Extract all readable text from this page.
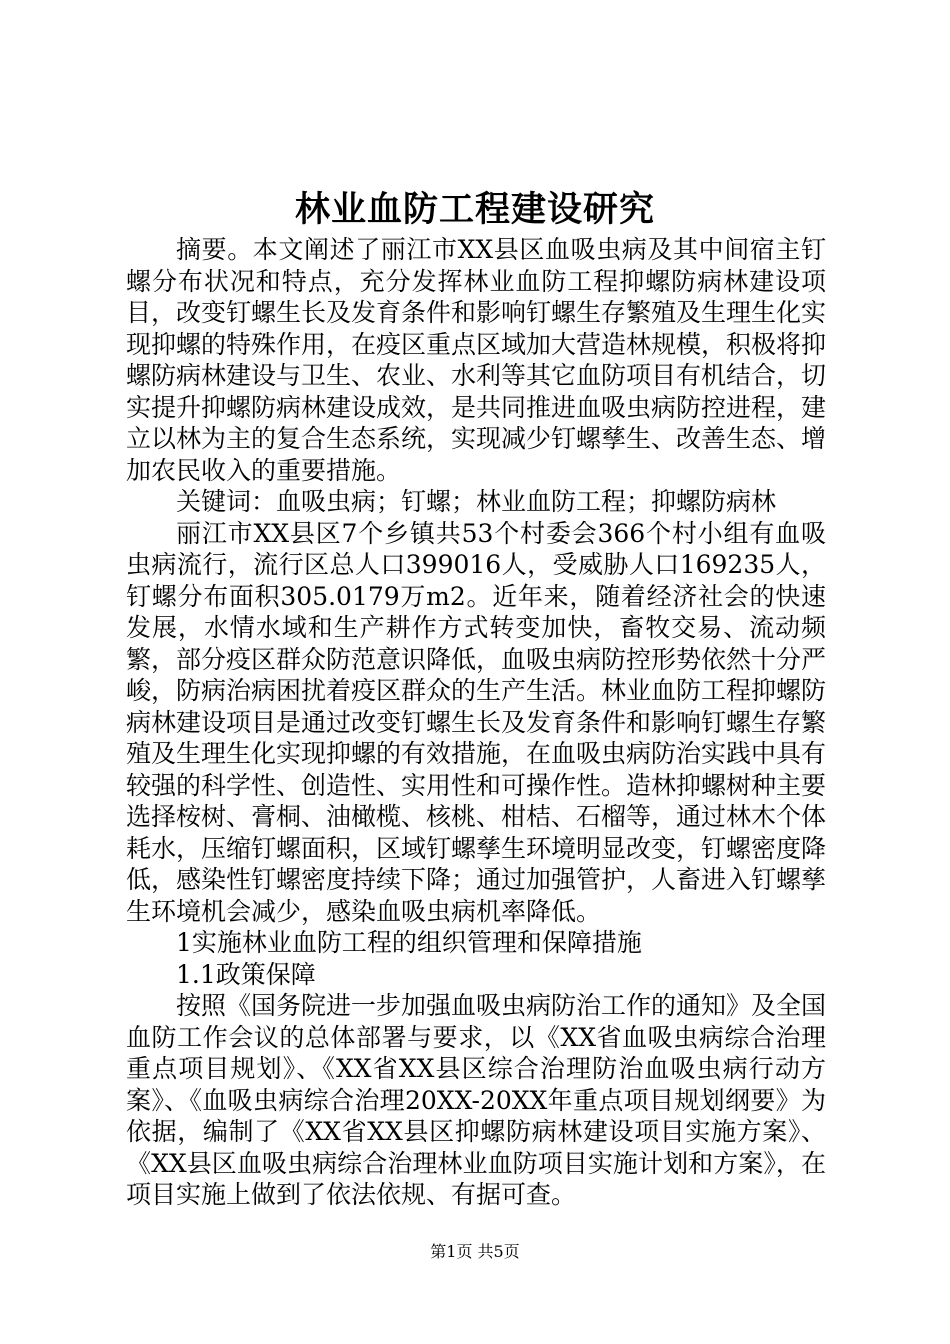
林业血防工程建设研究

摘要。本文阐述了丽江市XX县区血吸虫病及其中间宿主钉螺分布状况和特点，充分发挥林业血防工程抑螺防病林建设项目，改变钉螺生长及发育条件和影响钉螺生存繁殖及生理生化实现抑螺的特殊作用，在疫区重点区域加大营造林规模，积极将抑螺防病林建设与卫生、农业、水利等其它血防项目有机结合，切实提升抑螺防病林建设成效，是共同推进血吸虫病防控进程，建立以林为主的复合生态系统，实现减少钉螺孳生、改善生态、增加农民收入的重要措施。

关键词：血吸虫病；钉螺；林业血防工程；抑螺防病林

丽江市XX县区7个乡镇共53个村委会366个村小组有血吸虫病流行，流行区总人口399016人，受威胁人口169235人，钉螺分布面积305.0179万m2。近年来，随着经济社会的快速发展，水情水域和生产耕作方式转变加快，畜牧交易、流动频繁，部分疫区群众防范意识降低，血吸虫病防控形势依然十分严峻，防病治病困扰着疫区群众的生产生活。林业血防工程抑螺防病林建设项目是通过改变钉螺生长及发育条件和影响钉螺生存繁殖及生理生化实现抑螺的有效措施，在血吸虫病防治实践中具有较强的科学性、创造性、实用性和可操作性。造林抑螺树种主要选择桉树、膏桐、油橄榄、核桃、柑桔、石榴等，通过林木个体耗水，压缩钉螺面积，区域钉螺孳生环境明显改变，钉螺密度降低，感染性钉螺密度持续下降；通过加强管护，人畜进入钉螺孳生环境机会减少，感染血吸虫病机率降低。

1实施林业血防工程的组织管理和保障措施

1.1政策保障

按照《国务院进一步加强血吸虫病防治工作的通知》及全国血防工作会议的总体部署与要求，以《XX省血吸虫病综合治理重点项目规划》、《XX省XX县区综合治理防治血吸虫病行动方案》、《血吸虫病综合治理20XX-20XX年重点项目规划纲要》为依据，编制了《XX省XX县区抑螺防病林建设项目实施方案》、《XX县区血吸虫病综合治理林业血防项目实施计划和方案》，在项目实施上做到了依法依规、有据可查。

第1页 共5页
